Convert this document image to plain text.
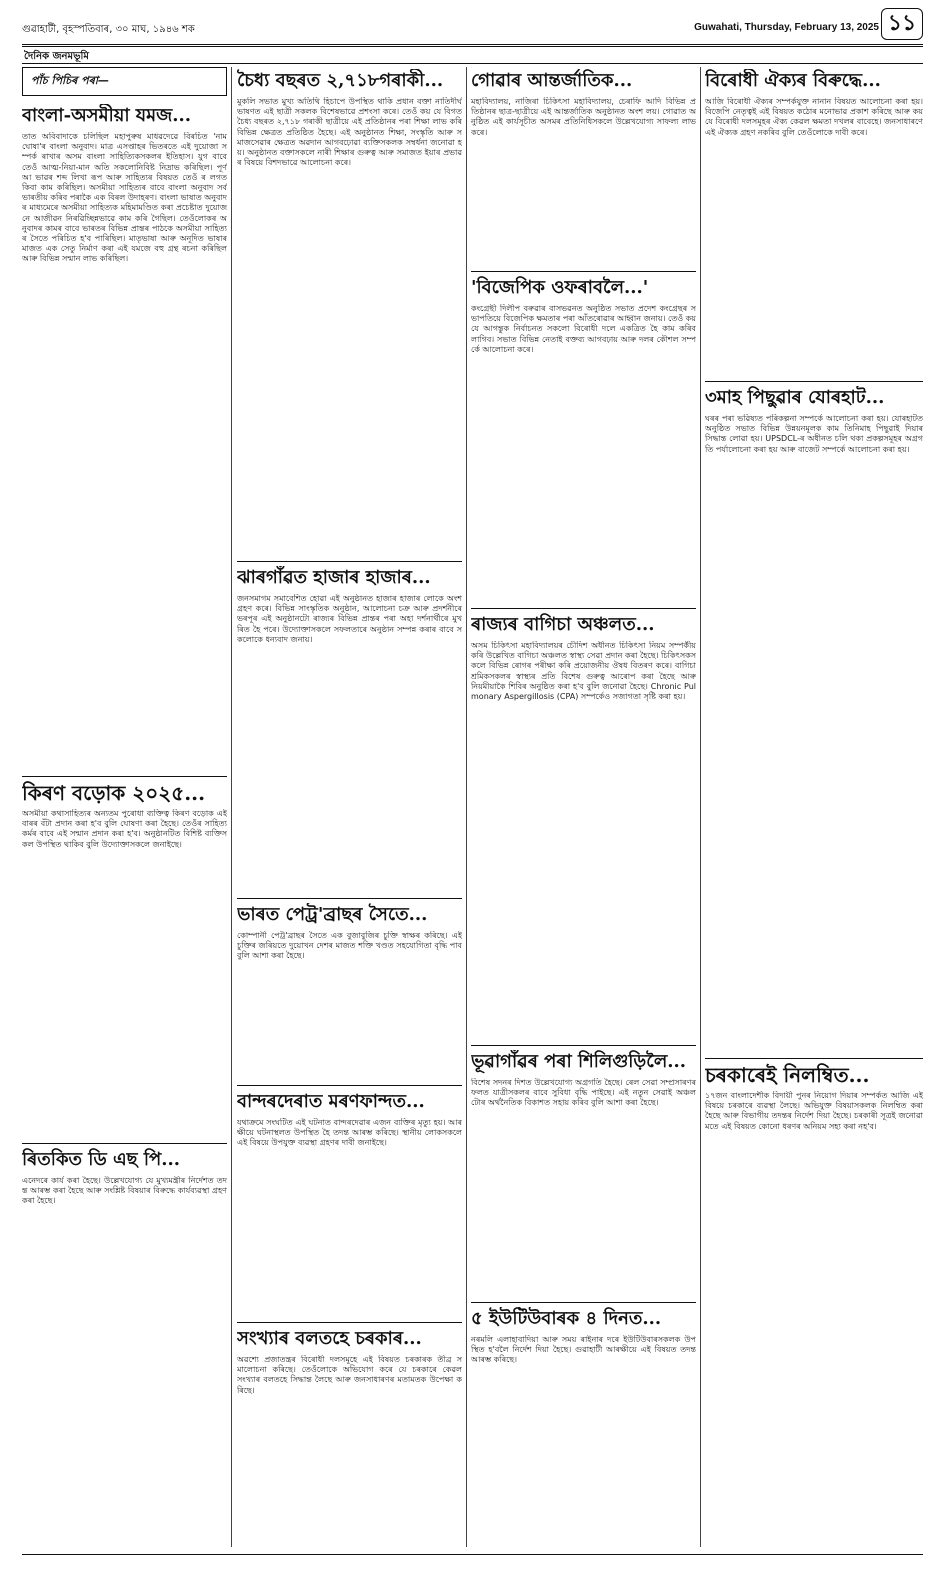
গুৱাহাটী, বৃহস্পতিবাৰ, ৩০ মাঘ, ১৯৪৬ শক	Guwahati, Thursday, February 13, 2025 ১১
দৈনিক জনমভূমি
পাঁচ পিচিৰ পৰা—
বাংলা-অসমীয়া যমজ...
তাত অবিবাদাকে চলিছিল মহাপুৰুষ মাধৱদেৱে বিৰচিত 'নামঘোষা'ৰ বাংলা অনুবাদ। মাত্ৰ এসপ্তাহৰ ভিতৰতে এই দুয়োজা সম্পৰ্ক ৰাখাৰ অসম বাংলা সাহিত্যিকসকলৰ ইতিহাস। যুগ বাবে তেওঁ আত্ম-নিয়া-মান অতি সকলোনিবিষ্ট নিদ্ৰাভ কৰিছিল। পূৰ্ণ আ ভাৱৰ শব্দ লিখা ৰূপ আৰু সাহিত্যৰ বিষয়ত তেওঁ ৰ লগত কিবা কাম কৰিছিল। অসমীয়া সাহিত্যৰ বাবে বাংলা অনুবাদ সৰ্বভাৰতীয় কৰিব পৰাকৈ এক বিৰল উদাহৰণ। বাংলা ভাষাত অনুবাদৰ মাধ্যমেৰে অসমীয়া সাহিত্যক মহিমামণ্ডিত কৰা প্ৰচেষ্টাত দুয়োজনে আজীৱন নিৰৱিচ্ছিন্নভাৱে কাম কৰি গৈছিল। তেওঁলোকৰ অনুবাদৰ কামৰ বাবে ভাৰতৰ বিভিন্ন প্ৰান্তৰ পাঠকে অসমীয়া সাহিত্যৰ সৈতে পৰিচিত হ'ব পাৰিছিল। মাতৃভাষা আৰু অনূদিত ভাষাৰ মাজত এক সেতু নিৰ্মাণ কৰা এই যমজে বহু গ্ৰন্থ ৰচনা কৰিছিল আৰু বিভিন্ন সন্মান লাভ কৰিছিল।
কিৰণ বড়োক ২০২৫...
অসমীয়া কথাসাহিত্যৰ অন্যতম পুৰোধা ব্যক্তিত্ব কিৰণ বড়োক এইবাৰৰ বঁটা প্ৰদান কৰা হ'ব বুলি ঘোষণা কৰা হৈছে। তেওঁৰ সাহিত্যকৰ্মৰ বাবে এই সন্মান প্ৰদান কৰা হ'ব। অনুষ্ঠানটিত বিশিষ্ট ব্যক্তিসকল উপস্থিত থাকিব বুলি উদ্যোক্তাসকলে জনাইছে।
ৰিতকিত ডি এছ পি...
এনেদৰে কাৰ্য কৰা হৈছে। উল্লেখযোগ্য যে মুখ্যমন্ত্ৰীৰ নিৰ্দেশত তদন্ত আৰম্ভ কৰা হৈছে আৰু সংশ্লিষ্ট বিষয়াৰ বিৰুদ্ধে কাৰ্যব্যৱস্থা গ্ৰহণ কৰা হৈছে।
চৈধ্য বছৰত ২,৭১৮গৰাকী...
মুকলি সভাত মুখ্য অতিথি হিচাপে উপস্থিত থাকি প্ৰধান বক্তা নাতিদীৰ্ঘ ভাষণত এই ছাত্ৰী সকলক বিশেষভাৱে প্ৰশংসা কৰে। তেওঁ কয় যে বিগত চৈধ্য বছৰত ২,৭১৮ গৰাকী ছাত্ৰীয়ে এই প্ৰতিষ্ঠানৰ পৰা শিক্ষা লাভ কৰি বিভিন্ন ক্ষেত্ৰত প্ৰতিষ্ঠিত হৈছে। এই অনুষ্ঠানত শিক্ষা, সংস্কৃতি আৰু সমাজসেৱাৰ ক্ষেত্ৰত অৱদান আগবঢ়োৱা ব্যক্তিসকলক সম্বৰ্ধনা জনোৱা হয়। অনুষ্ঠানত বক্তাসকলে নাৰী শিক্ষাৰ গুৰুত্ব আৰু সমাজত ইয়াৰ প্ৰভাৱৰ বিষয়ে বিশদভাৱে আলোচনা কৰে।
ঝাৰগাঁৱত হাজাৰ হাজাৰ...
জনসমাগম সমাবেশিত হোৱা এই অনুষ্ঠানত হাজাৰ হাজাৰ লোকে অংশগ্ৰহণ কৰে। বিভিন্ন সাংস্কৃতিক অনুষ্ঠান, আলোচনা চক্ৰ আৰু প্ৰদৰ্শনীৰে ভৰপূৰ এই অনুষ্ঠানটো ৰাজ্যৰ বিভিন্ন প্ৰান্তৰ পৰা অহা দৰ্শনাৰ্থীৰে মুখৰিত হৈ পৰে। উদ্যোক্তাসকলে সফলতাৰে অনুষ্ঠান সম্পন্ন কৰাৰ বাবে সকলোকে ধন্যবাদ জনায়।
ভাৰত পেট্ৰ'ব্ৰাছৰ সৈতে...
কোম্পানী পেট্ৰ'ব্ৰাছৰ সৈতে এক বুজাবুজিৰ চুক্তি স্বাক্ষৰ কৰিছে। এই চুক্তিৰ জৰিয়তে দুয়োখন দেশৰ মাজত শক্তি খণ্ডত সহযোগিতা বৃদ্ধি পাব বুলি আশা কৰা হৈছে।
বান্দৰদেৰাত মৰণফান্দত...
যথাক্ৰমে সংঘটিত এই ঘটনাত বান্দৰদেৱাৰ এজন ব্যক্তিৰ মৃত্যু হয়। আৰক্ষীয়ে ঘটনাস্থলত উপস্থিত হৈ তদন্ত আৰম্ভ কৰিছে। স্থানীয় লোকসকলে এই বিষয়ে উপযুক্ত ব্যৱস্থা গ্ৰহণৰ দাবী জনাইছে।
সংখ্যাৰ বলতহে চৰকাৰ...
অৱশ্যে প্ৰজাতন্ত্ৰৰ বিৰোধী দলসমূহে এই বিষয়ত চৰকাৰক তীব্ৰ সমালোচনা কৰিছে। তেওঁলোকে অভিযোগ কৰে যে চৰকাৰে কেৱল সংখ্যাৰ বলতহে সিদ্ধান্ত লৈছে আৰু জনসাধাৰণৰ মতামতক উপেক্ষা কৰিছে।
গোৱাৰ আন্তৰ্জাতিক...
মহাবিদ্যালয়, নাজিৰা চিকিৎসা মহাবিদ্যালয়, চেৰাফি আদি বিভিন্ন প্ৰতিষ্ঠানৰ ছাত্ৰ-ছাত্ৰীয়ে এই আন্তৰ্জাতিক অনুষ্ঠানত অংশ লয়। গোৱাত অনুষ্ঠিত এই কাৰ্যসূচীত অসমৰ প্ৰতিনিধিসকলে উল্লেখযোগ্য সাফল্য লাভ কৰে।
'বিজেপিক ওফৰাবলৈ...'
কংগ্ৰেছী দিলীপ বৰুৱাৰ বাসভৱনত অনুষ্ঠিত সভাত প্ৰদেশ কংগ্ৰেছৰ সভাপতিয়ে বিজেপিক ক্ষমতাৰ পৰা আঁতৰোৱাৰ আহ্বান জনায়। তেওঁ কয় যে আগন্তুক নিৰ্বাচনত সকলো বিৰোধী দলে একত্ৰিত হৈ কাম কৰিব লাগিব। সভাত বিভিন্ন নেতাই বক্তব্য আগবঢ়ায় আৰু দলৰ কৌশল সম্পৰ্কে আলোচনা কৰে।
ৰাজ্যৰ বাগিচা অঞ্চলত...
অসম চিকিৎসা মহাবিদ্যালয়ৰ চৌদিশ অধীনত চিকিৎসা নিয়ম সম্পৰ্কীয় কৰি উল্লেখিত বাগিচা অঞ্চলত স্বাস্থ্য সেৱা প্ৰদান কৰা হৈছে। চিকিৎসকসকলে বিভিন্ন ৰোগৰ পৰীক্ষা কৰি প্ৰয়োজনীয় ঔষধ বিতৰণ কৰে। বাগিচা শ্ৰমিকসকলৰ স্বাস্থ্যৰ প্ৰতি বিশেষ গুৰুত্ব আৰোপ কৰা হৈছে আৰু নিয়মীয়াকৈ শিবিৰ অনুষ্ঠিত কৰা হ'ব বুলি জনোৱা হৈছে। Chronic Pulmonary Aspergillosis (CPA) সম্পৰ্কেও সজাগতা সৃষ্টি কৰা হয়।
ভূৱাগাঁৱৰ পৰা শিলিগুড়িলৈ...
বিশেষ সদনৰ দিশত উল্লেখযোগ্য অগ্ৰগতি হৈছে। ৰেল সেৱা সম্প্ৰসাৰণৰ ফলত যাত্ৰীসকলৰ বাবে সুবিধা বৃদ্ধি পাইছে। এই নতুন সেৱাই অঞ্চলটোৰ অৰ্থনৈতিক বিকাশত সহায় কৰিব বুলি আশা কৰা হৈছে।
৫ ইউটিউবাৰক ৪ দিনত...
নৰমলি এলাহাবাদিয়া আৰু সময় ৰাইনাৰ দৰে ইউটিউবাৰসকলক উপস্থিত হ'বলৈ নিৰ্দেশ দিয়া হৈছে। গুৱাহাটী আৰক্ষীয়ে এই বিষয়ত তদন্ত আৰম্ভ কৰিছে।
বিৰোধী ঐক্যৰ বিৰুদ্ধে...
আজি বিৰোধী ঐক্যৰ সম্পৰ্কযুক্ত নানান বিষয়ত আলোচনা কৰা হয়। বিজেপি নেতৃত্বই এই বিষয়ত কঠোৰ মনোভাৱ প্ৰকাশ কৰিছে আৰু কয় যে বিৰোধী দলসমূহৰ ঐক্য কেৱল ক্ষমতা দখলৰ বাবেহে। জনসাধাৰণে এই ঐক্যক গ্ৰহণ নকৰিব বুলি তেওঁলোকে দাবী কৰে।
৩মাহ পিছুৱাৰ যোৰহাট...
ঘৰৰ পৰা ভৱিষ্যত পৰিকল্পনা সম্পৰ্কে আলোচনা কৰা হয়। যোৰহাটত অনুষ্ঠিত সভাত বিভিন্ন উন্নয়নমূলক কাম তিনিমাহ পিছুৱাই দিয়াৰ সিদ্ধান্ত লোৱা হয়। UPSDCL-ৰ অধীনত চলি থকা প্ৰকল্পসমূহৰ অগ্ৰগতি পৰ্যালোচনা কৰা হয় আৰু বাজেট সম্পৰ্কে আলোচনা কৰা হয়।
চৰকাৰেই নিলম্বিত...
১৭জন বাংলাদেশীক বিদায়ী পুনৰ নিয়োগ দিয়াৰ সম্পৰ্কত আজি এই বিষয়ে চৰকাৰে ব্যৱস্থা লৈছে। অভিযুক্ত বিষয়াসকলক নিলম্বিত কৰা হৈছে আৰু বিভাগীয় তদন্তৰ নিৰ্দেশ দিয়া হৈছে। চৰকাৰী সূত্ৰই জনোৱা মতে এই বিষয়ত কোনো ধৰণৰ অনিয়ম সহ্য কৰা নহ'ব।
